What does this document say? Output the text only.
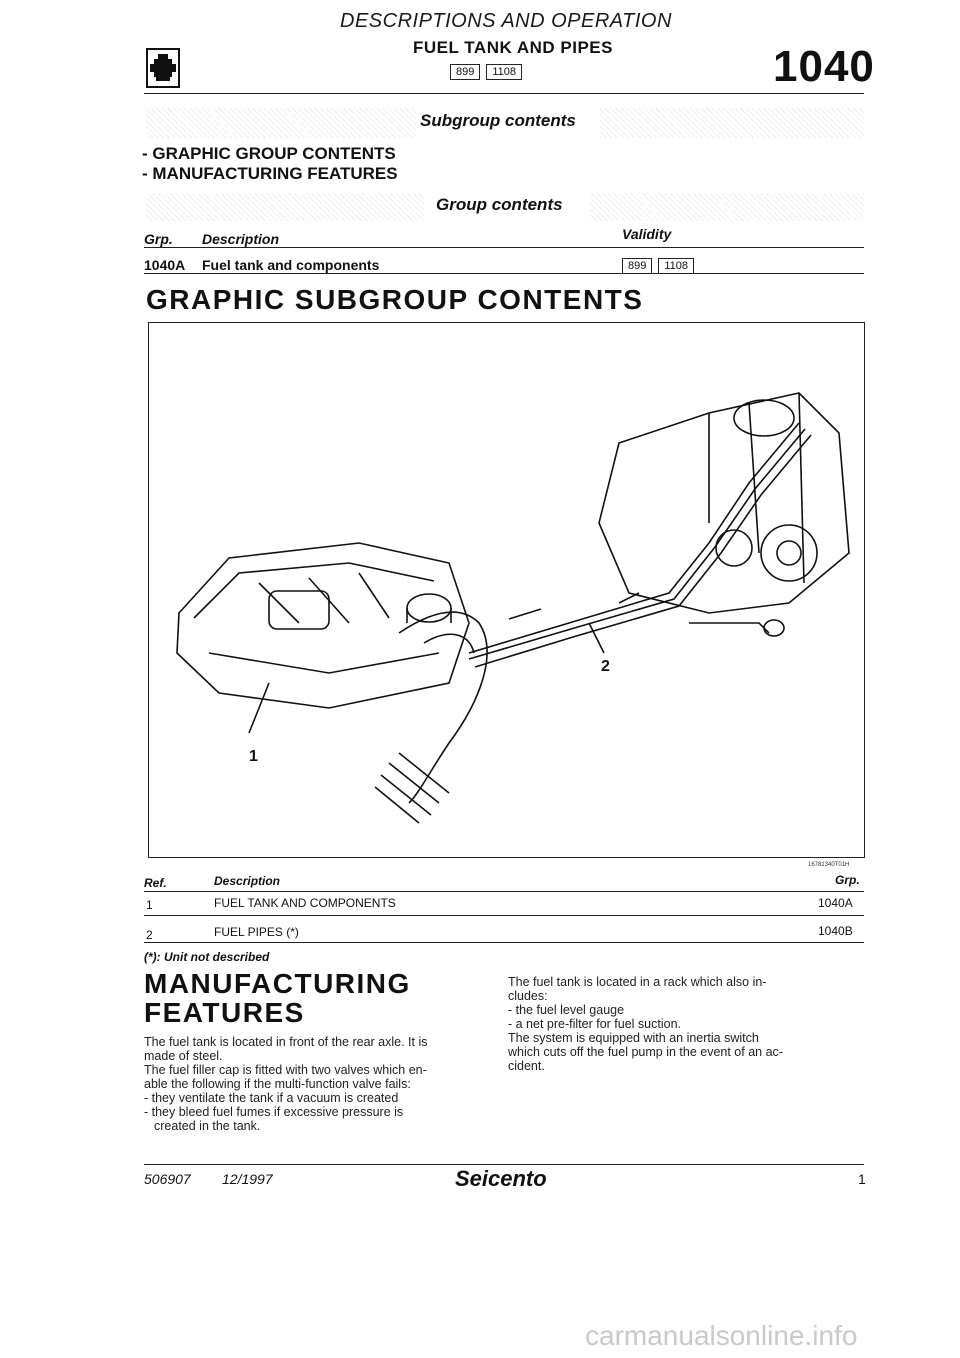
DESCRIPTIONS AND OPERATION
FUEL TANK AND PIPES
899 1108	1040
Subgroup contents
- GRAPHIC GROUP CONTENTS
- MANUFACTURING FEATURES
Group contents
Grp. Description	Validity
1040A Fuel tank and components	899 1108
GRAPHIC SUBGROUP CONTENTS
1
2
16781340T01H
Ref.	Description	Grp.
1	FUEL TANK AND COMPONENTS	1040A
2	FUEL PIPES (*)	1040B
(*): Unit not described
MANUFACTURING
FEATURES
The fuel tank is located in front of the rear axle. It is
made of steel.
The fuel filler cap is fitted with two valves which en-
able the following if the multi-function valve fails:
- they ventilate the tank if a vacuum is created
- they bleed fuel fumes if excessive pressure is
created in the tank.
The fuel tank is located in a rack which also in-
cludes:
- the fuel level gauge
- a net pre-filter for fuel suction.
The system is equipped with an inertia switch
which cuts off the fuel pump in the event of an ac-
cident.
506907 12/1997	Seicento	1
carmanualsonline.info
